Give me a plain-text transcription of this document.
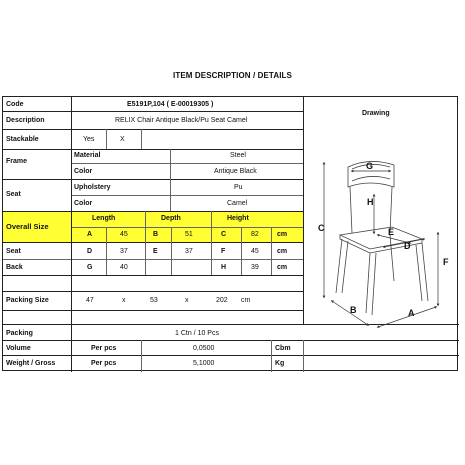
ITEM DESCRIPTION / DETAILS
Code	E5191P,104 ( E-00019305 )
Description	RELIX Chair Antique Black/Pu Seat Camel
Stackable	Yes	X
Frame
Material	Steel
Color	Antique Black
Seat
Upholstery	Pu
Color	Camel
Overall Size
Length	Depth	Height
A	45	B	51	C	82	cm
Seat	D	37	E	37	F	45	cm
Back	G	40	H	39	cm
Packing Size	47	x	53	x	202 cm
Packing	1 Ctn / 10 Pcs
Volume	Per pcs	0,0500	Cbm
Weight / Gross	Per pcs	5,1000	Kg
Drawing
C
G
H
E
D
F
B	A
